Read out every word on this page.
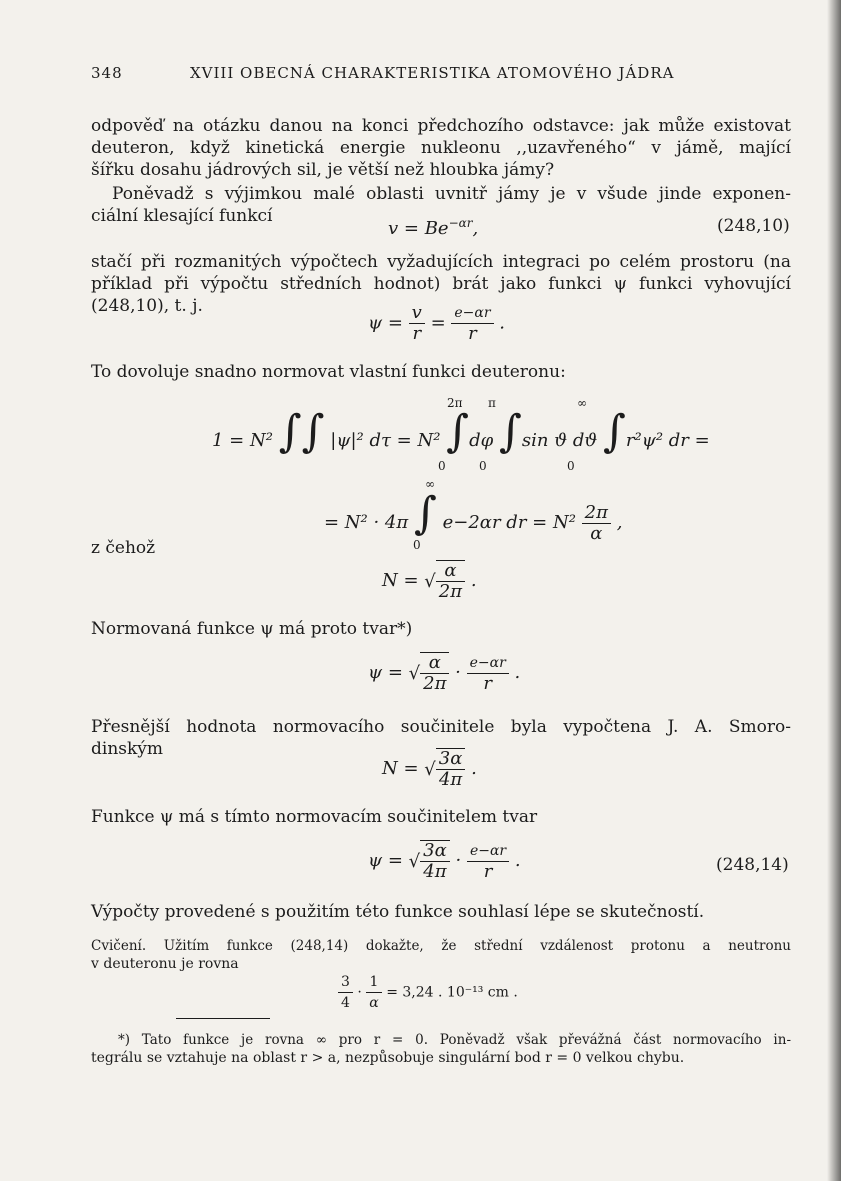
348	XVIII OBECNÁ CHARAKTERISTIKA ATOMOVÉHO JÁDRA
odpověď na otázku danou na konci předchozího odstavce: jak může existovat
deuteron, když kinetická energie nukleonu ,,uzavřeného“ v jámě, mající
šířku dosahu jádrových sil, je větší než hloubka jámy?
Poněvadž s výjimkou malé oblasti uvnitř jámy je v všude jinde exponen-
ciální klesající funkcí
$v = Be^{-\alpha r}$,	(248,10)
stačí při rozmanitých výpočtech vyžadujících integraci po celém prostoru (na
příklad při výpočtu středních hodnot) brát jako funkci ψ funkci vyhovující
(248,10), t. j.
$\psi = \frac{v}{r} = \frac{e-\alpha r}{r}$ .
To dovoluje snadno normovat vlastní funkci deuteronu:
1 = N² ∫∫ |ψ|² dτ = N² ∫dφ ∫sin ϑ dϑ ∫r²ψ² dr =
2π π	∞
0	0	0
= N² · 4π ∫ e−2αr dr = $N^2 \frac{2\pi}{\alpha}$ ,
∞
0
z čehož
N = √ $\frac{\alpha}{2\pi}$ .
Normovaná funkce ψ má proto tvar*)
ψ = √ $\frac{\alpha}{2\pi} \cdot \frac{e-\alpha r}{r}$ .
Přesnější hodnota normovacího součinitele byla vypočtena J. A. Smoro-
dinským
N = √ $\frac{3\alpha}{4\pi}$ .
Funkce ψ má s tímto normovacím součinitelem tvar
ψ = √ $\frac{3\alpha}{4\pi} \cdot \frac{e-\alpha r}{r}$ .	(248,14)
Výpočty provedené s použitím této funkce souhlasí lépe se skutečností.
Cvičení. Užitím funkce (248,14) dokažte, že střední vzdálenost protonu a neutronu
v deuteronu je rovna
$\frac{3}{4} \cdot \frac{1}{\alpha} = 3,24$ . 10⁻¹³ cm .
*) Tato funkce je rovna ∞ pro r = 0. Poněvadž však převážná část normovacího in-
tegrálu se vztahuje na oblast r > a, nezpůsobuje singulární bod r = 0 velkou chybu.
